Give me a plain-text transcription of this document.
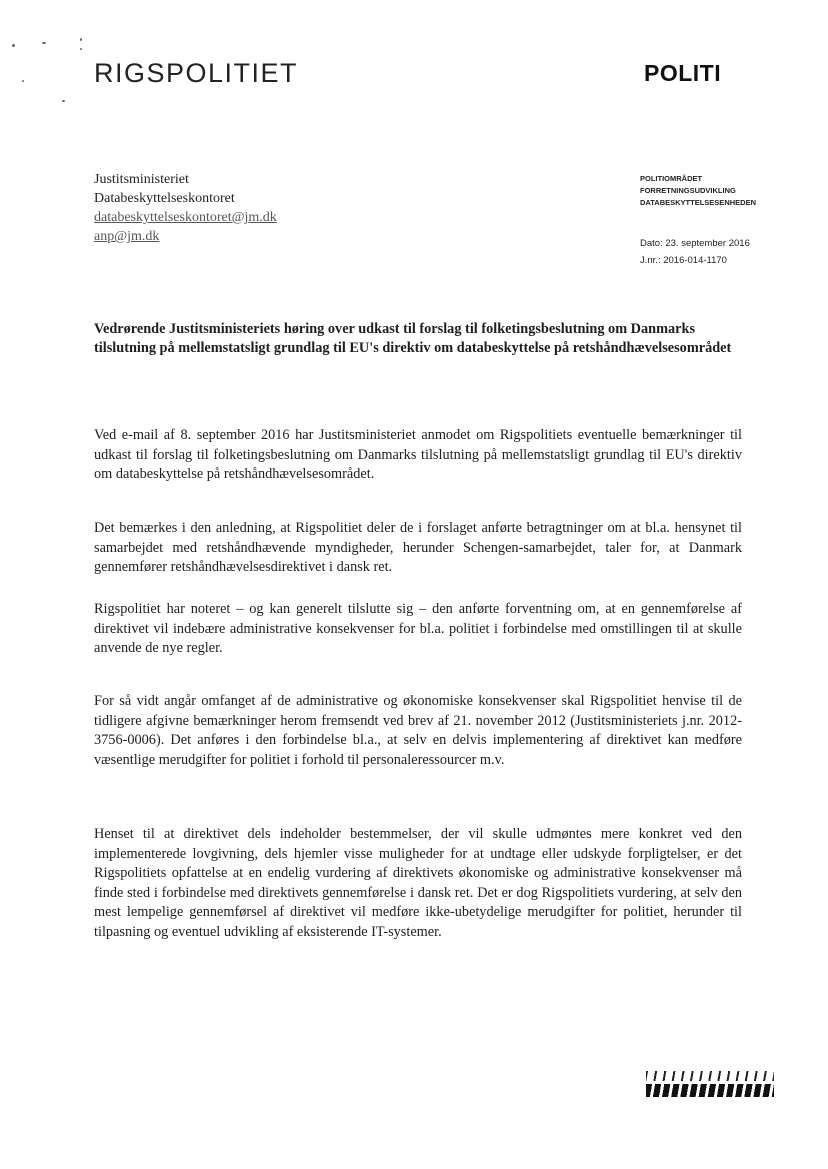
RIGSPOLITIET	POLITI
Justitsministeriet
Databeskyttelseskontoret
databeskyttelseskontoret@jm.dk
anp@jm.dk
POLITIOMRÅDET
FORRETNINGSUDVIKLING
DATABESKYTTELSESENHEDEN
Dato: 23. september 2016
J.nr.: 2016-014-1170
Vedrørende Justitsministeriets høring over udkast til forslag til folketingsbeslutning om Danmarks tilslutning på mellemstatsligt grundlag til EU's direktiv om databeskyttelse på retshåndhævelsesområdet
Ved e-mail af 8. september 2016 har Justitsministeriet anmodet om Rigspolitiets eventuelle bemærkninger til udkast til forslag til folketingsbeslutning om Danmarks tilslutning på mellemstatsligt grundlag til EU's direktiv om databeskyttelse på retshåndhævelsesområdet.
Det bemærkes i den anledning, at Rigspolitiet deler de i forslaget anførte betragtninger om at bl.a. hensynet til samarbejdet med retshåndhævende myndigheder, herunder Schengen-samarbejdet, taler for, at Danmark gennemfører retshåndhævelsesdirektivet i dansk ret.
Rigspolitiet har noteret – og kan generelt tilslutte sig – den anførte forventning om, at en gennemførelse af direktivet vil indebære administrative konsekvenser for bl.a. politiet i forbindelse med omstillingen til at skulle anvende de nye regler.
For så vidt angår omfanget af de administrative og økonomiske konsekvenser skal Rigspolitiet henvise til de tidligere afgivne bemærkninger herom fremsendt ved brev af 21. november 2012 (Justitsministeriets j.nr. 2012-3756-0006). Det anføres i den forbindelse bl.a., at selv en delvis implementering af direktivet kan medføre væsentlige merudgifter for politiet i forhold til personaleressourcer m.v.
Henset til at direktivet dels indeholder bestemmelser, der vil skulle udmøntes mere konkret ved den implementerede lovgivning, dels hjemler visse muligheder for at undtage eller udskyde forpligtelser, er det Rigspolitiets opfattelse at en endelig vurdering af direktivets økonomiske og administrative konsekvenser må finde sted i forbindelse med direktivets gennemførelse i dansk ret. Det er dog Rigspolitiets vurdering, at selv den mest lempelige gennemførsel af direktivet vil medføre ikke-ubetydelige merudgifter for politiet, herunder til tilpasning og eventuel udvikling af eksisterende IT-systemer.
